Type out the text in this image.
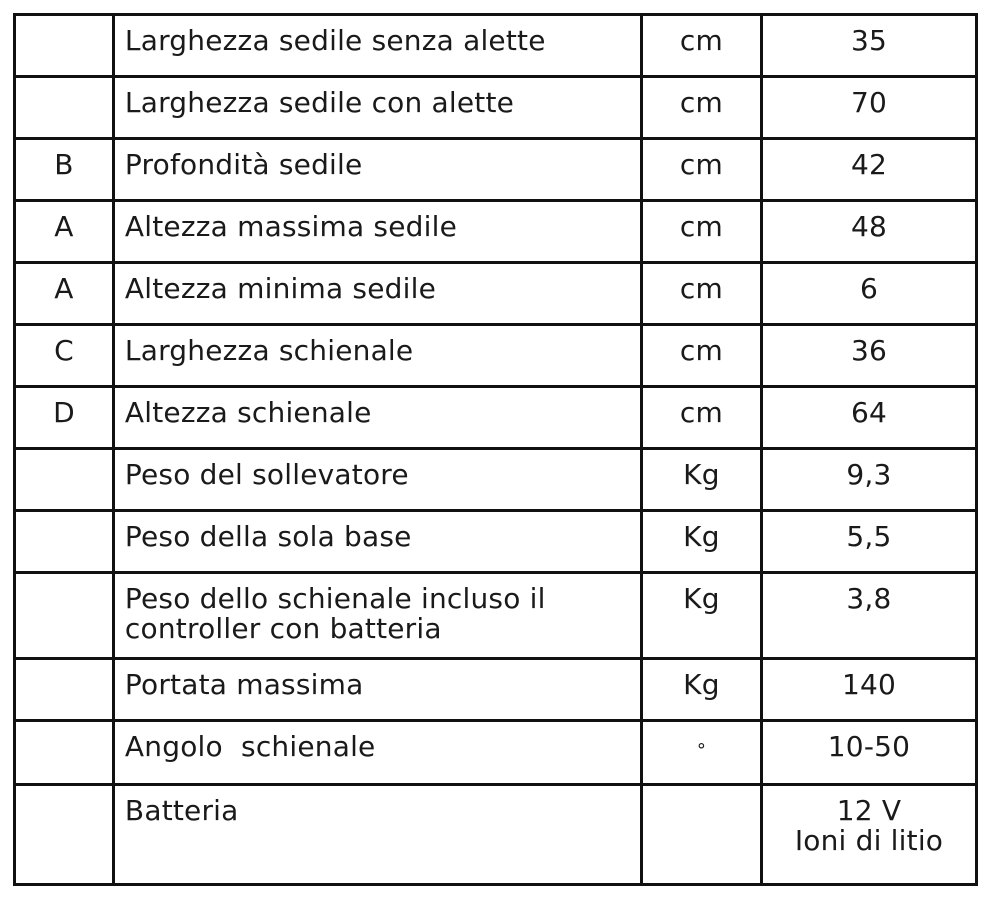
	Larghezza sedile senza alette	cm	35

	Larghezza sedile con alette	cm	70

B	Profondità sedile	cm	42

A	Altezza massima sedile	cm	48

A	Altezza minima sedile	cm	6

C	Larghezza schienale	cm	36

D	Altezza schienale	cm	64

	Peso del sollevatore	Kg	9,3

	Peso della sola base	Kg	5,5

	Peso dello schienale incluso il
controller con batteria	Kg	3,8

	Portata massima	Kg	140

	Angolo  schienale	°	10-50

	Batteria		12 V
Ioni di litio
